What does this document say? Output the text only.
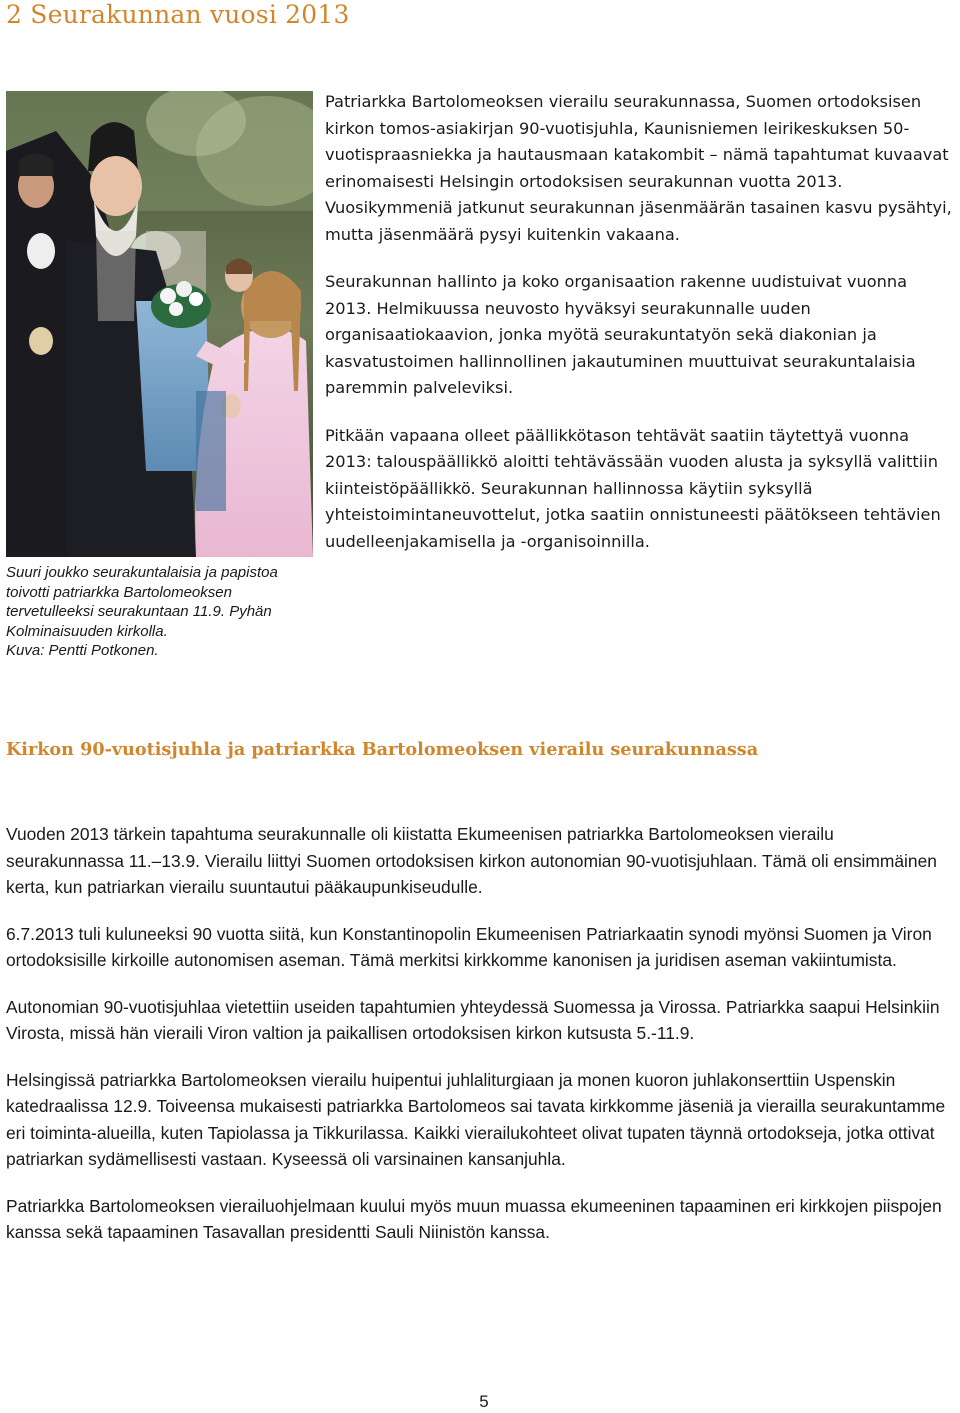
2 Seurakunnan vuosi 2013
Suuri joukko seurakuntalaisia ja papistoa
toivotti patriarkka Bartolomeoksen
tervetulleeksi seurakuntaan 11.9. Pyhän
Kolminaisuuden kirkolla.
Kuva: Pentti Potkonen.

Patriarkka Bartolomeoksen vierailu seurakunnassa, Suomen ortodoksisen kirkon tomos-asiakirjan 90-vuotisjuhla, Kaunisniemen leirikeskuksen 50-vuotispraasniekka ja hautausmaan katakombit – nämä tapahtumat kuvaavat erinomaisesti Helsingin ortodoksisen seurakunnan vuotta 2013. Vuosikymmeniä jatkunut seurakunnan jäsenmäärän tasainen kasvu pysähtyi, mutta jäsenmäärä pysyi kuitenkin vakaana.

Seurakunnan hallinto ja koko organisaation rakenne uudistuivat vuonna 2013. Helmikuussa neuvosto hyväksyi seurakunnalle uuden organisaatiokaavion, jonka myötä seurakuntatyön sekä diakonian ja kasvatustoimen hallinnollinen jakautuminen muuttuivat seurakuntalaisia paremmin palveleviksi.

Pitkään vapaana olleet päällikkötason tehtävät saatiin täytettyä vuonna 2013: talouspäällikkö aloitti tehtävässään vuoden alusta ja syksyllä valittiin kiinteistöpäällikkö. Seurakunnan hallinnossa käytiin syksyllä yhteistoimintaneuvottelut, jotka saatiin onnistuneesti päätökseen tehtävien uudelleenjakamisella ja -organisoinnilla.

Kirkon 90-vuotisjuhla ja patriarkka Bartolomeoksen vierailu seurakunnassa

Vuoden 2013 tärkein tapahtuma seurakunnalle oli kiistatta Ekumeenisen patriarkka Bartolomeoksen vierailu seurakunnassa 11.–13.9. Vierailu liittyi Suomen ortodoksisen kirkon autonomian 90-vuotisjuhlaan. Tämä oli ensimmäinen kerta, kun patriarkan vierailu suuntautui pääkaupunkiseudulle.

6.7.2013 tuli kuluneeksi 90 vuotta siitä, kun Konstantinopolin Ekumeenisen Patriarkaatin synodi myönsi Suomen ja Viron ortodoksisille kirkoille autonomisen aseman. Tämä merkitsi kirkkomme kanonisen ja juridisen aseman vakiintumista.

Autonomian 90-vuotisjuhlaa vietettiin useiden tapahtumien yhteydessä Suomessa ja Virossa. Patriarkka saapui Helsinkiin Virosta, missä hän vieraili Viron valtion ja paikallisen ortodoksisen kirkon kutsusta 5.-11.9.

Helsingissä patriarkka Bartolomeoksen vierailu huipentui juhlaliturgiaan ja monen kuoron juhlakonserttiin Uspenskin katedraalissa 12.9. Toiveensa mukaisesti patriarkka Bartolomeos sai tavata kirkkomme jäseniä ja vierailla seurakuntamme eri toiminta-alueilla, kuten Tapiolassa ja Tikkurilassa. Kaikki vierailukohteet olivat tupaten täynnä ortodokseja, jotka ottivat patriarkan sydämellisesti vastaan. Kyseessä oli varsinainen kansanjuhla.

Patriarkka Bartolomeoksen vierailuohjelmaan kuului myös muun muassa ekumeeninen tapaaminen eri kirkkojen piispojen kanssa sekä tapaaminen Tasavallan presidentti Sauli Niinistön kanssa.

5
